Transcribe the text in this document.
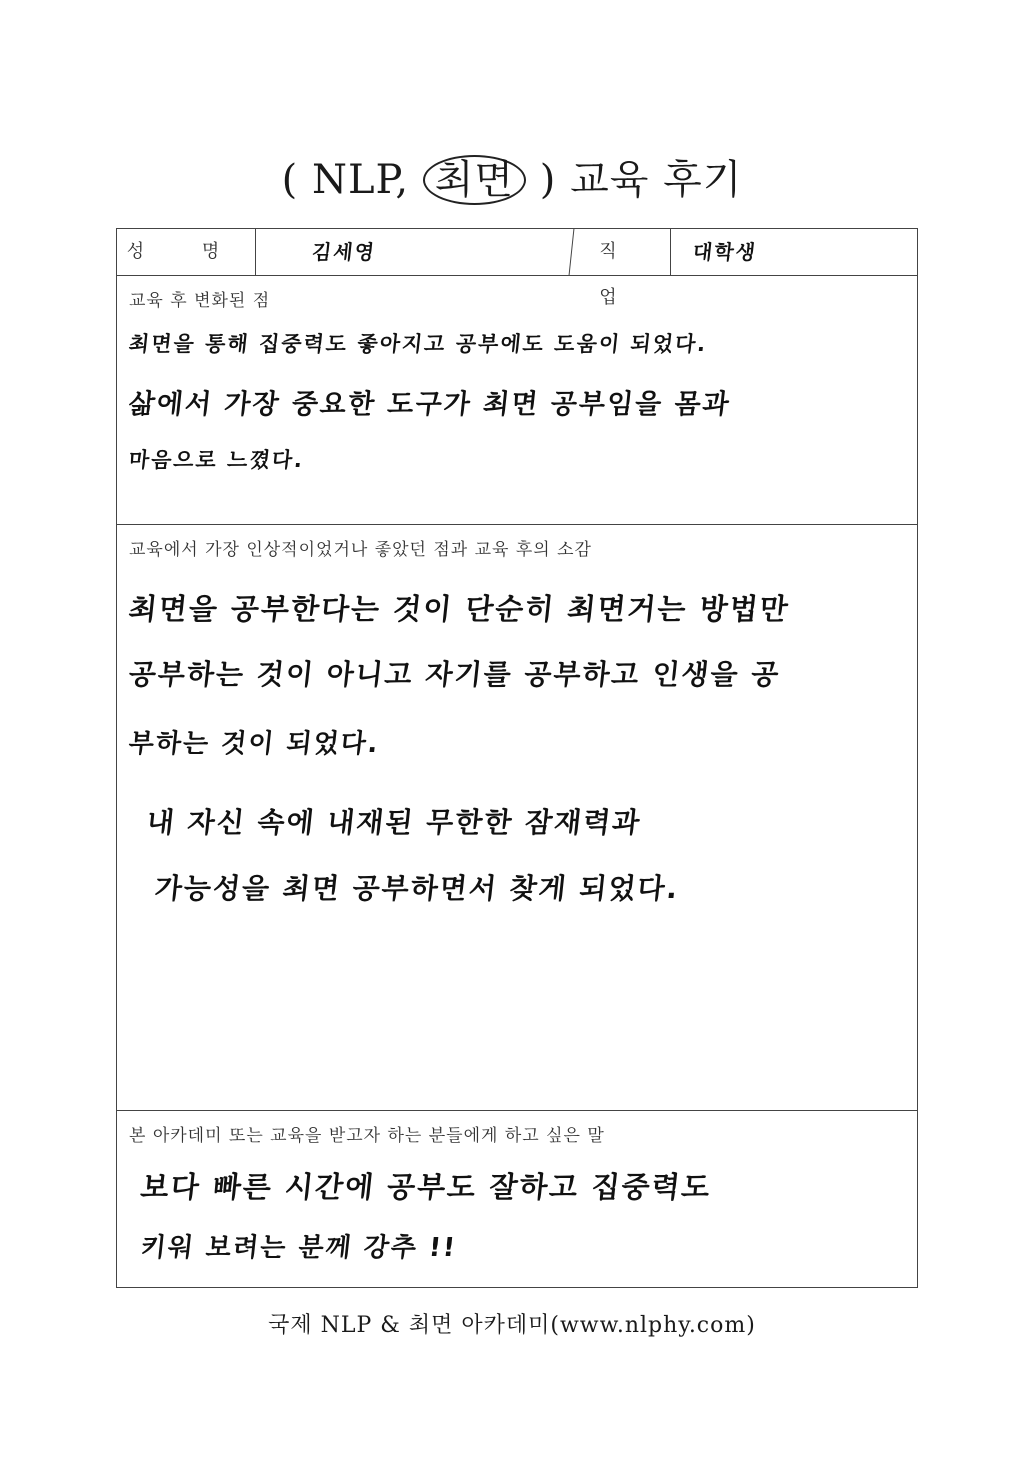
( NLP, 최면 ) 교육 후기
성 명	김세영	직 업
대학생
교육 후 변화된 점
최면을 통해 집중력도 좋아지고 공부에도 도움이 되었다.
삶에서 가장 중요한 도구가 최면 공부임을 몸과
마음으로 느꼈다.
교육에서 가장 인상적이었거나 좋았던 점과 교육 후의 소감
최면을 공부한다는 것이 단순히 최면거는 방법만
공부하는 것이 아니고 자기를 공부하고 인생을 공
부하는 것이 되었다.
내 자신 속에 내재된 무한한 잠재력과
가능성을 최면 공부하면서 찾게 되었다.
본 아카데미 또는 교육을 받고자 하는 분들에게 하고 싶은 말
보다 빠른 시간에 공부도 잘하고 집중력도
키워 보려는 분께 강추 !!
국제 NLP & 최면 아카데미(www.nlphy.com)
